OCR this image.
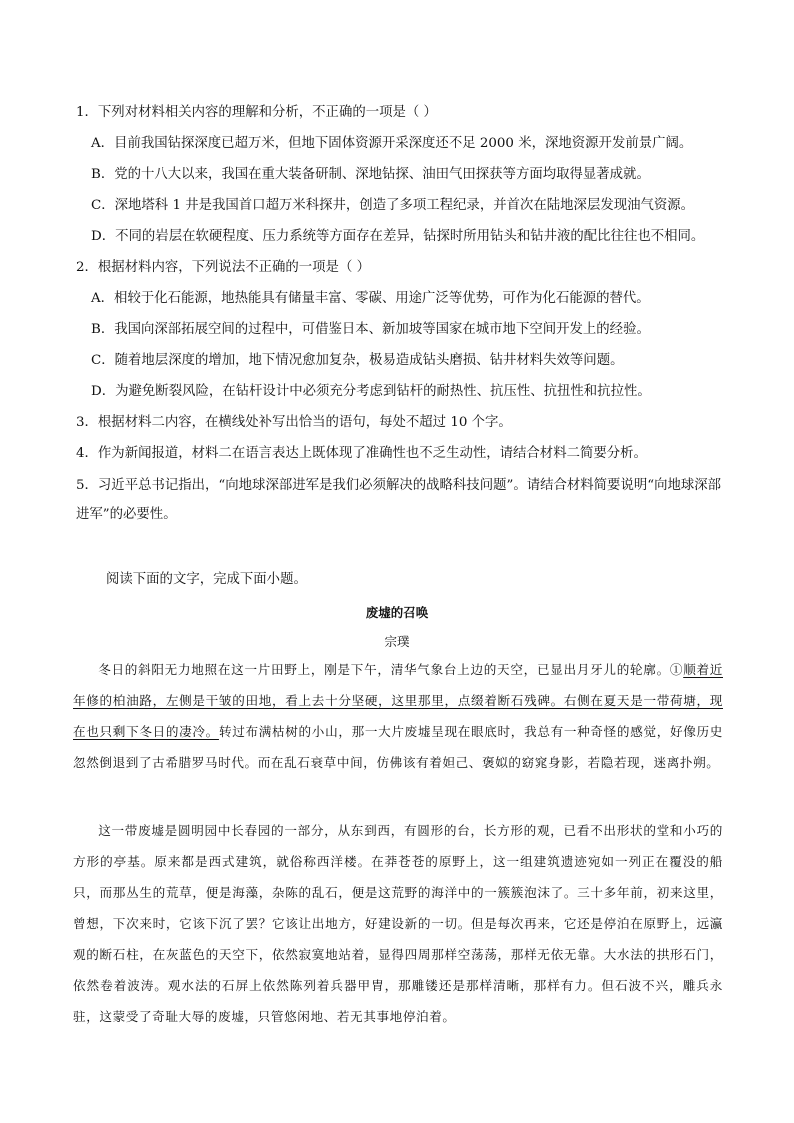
1．下列对材料相关内容的理解和分析，不正确的一项是（ ）
A．目前我国钻探深度已超万米，但地下固体资源开采深度还不足 2000 米，深地资源开发前景广阔。
B．党的十八大以来，我国在重大装备研制、深地钻探、油田气田探获等方面均取得显著成就。
C．深地塔科 1 井是我国首口超万米科探井，创造了多项工程纪录，并首次在陆地深层发现油气资源。
D．不同的岩层在软硬程度、压力系统等方面存在差异，钻探时所用钻头和钻井液的配比往往也不相同。
2．根据材料内容，下列说法不正确的一项是（ ）
A．相较于化石能源，地热能具有储量丰富、零碳、用途广泛等优势，可作为化石能源的替代。
B．我国向深部拓展空间的过程中，可借鉴日本、新加坡等国家在城市地下空间开发上的经验。
C．随着地层深度的增加，地下情况愈加复杂，极易造成钻头磨损、钻井材料失效等问题。
D．为避免断裂风险，在钻杆设计中必须充分考虑到钻杆的耐热性、抗压性、抗扭性和抗拉性。
3．根据材料二内容，在横线处补写出恰当的语句，每处不超过 10 个字。
4．作为新闻报道，材料二在语言表达上既体现了准确性也不乏生动性，请结合材料二简要分析。
5．习近平总书记指出，“向地球深部进军是我们必须解决的战略科技问题”。请结合材料简要说明“向地球深部进军”的必要性。
阅读下面的文字，完成下面小题。
废墟的召唤
宗璞

冬日的斜阳无力地照在这一片田野上，刚是下午，清华气象台上边的天空，已显出月牙儿的轮廓。①顺着近年修的柏油路，左侧是干皱的田地，看上去十分坚硬，这里那里，点缀着断石残碑。右侧在夏天是一带荷塘，现在也只剩下冬日的凄冷。转过布满枯树的小山，那一大片废墟呈现在眼底时，我总有一种奇怪的感觉，好像历史忽然倒退到了古希腊罗马时代。而在乱石衰草中间，仿佛该有着妲己、褒姒的窈窕身影，若隐若现，迷离扑朔。

这一带废墟是圆明园中长春园的一部分，从东到西，有圆形的台，长方形的观，已看不出形状的堂和小巧的方形的亭基。原来都是西式建筑，就俗称西洋楼。在莽苍苍的原野上，这一组建筑遗迹宛如一列正在覆没的船只，而那丛生的荒草，便是海藻，杂陈的乱石，便是这荒野的海洋中的一簇簇泡沫了。三十多年前，初来这里，曾想，下次来时，它该下沉了罢？它该让出地方，好建设新的一切。但是每次再来，它还是停泊在原野上，远瀛观的断石柱，在灰蓝色的天空下，依然寂寞地站着，显得四周那样空荡荡，那样无依无靠。大水法的拱形石门，依然卷着波涛。观水法的石屏上依然陈列着兵器甲胄，那雕镂还是那样清晰，那样有力。但石波不兴，雕兵永驻，这蒙受了奇耻大辱的废墟，只管悠闲地、若无其事地停泊着。
